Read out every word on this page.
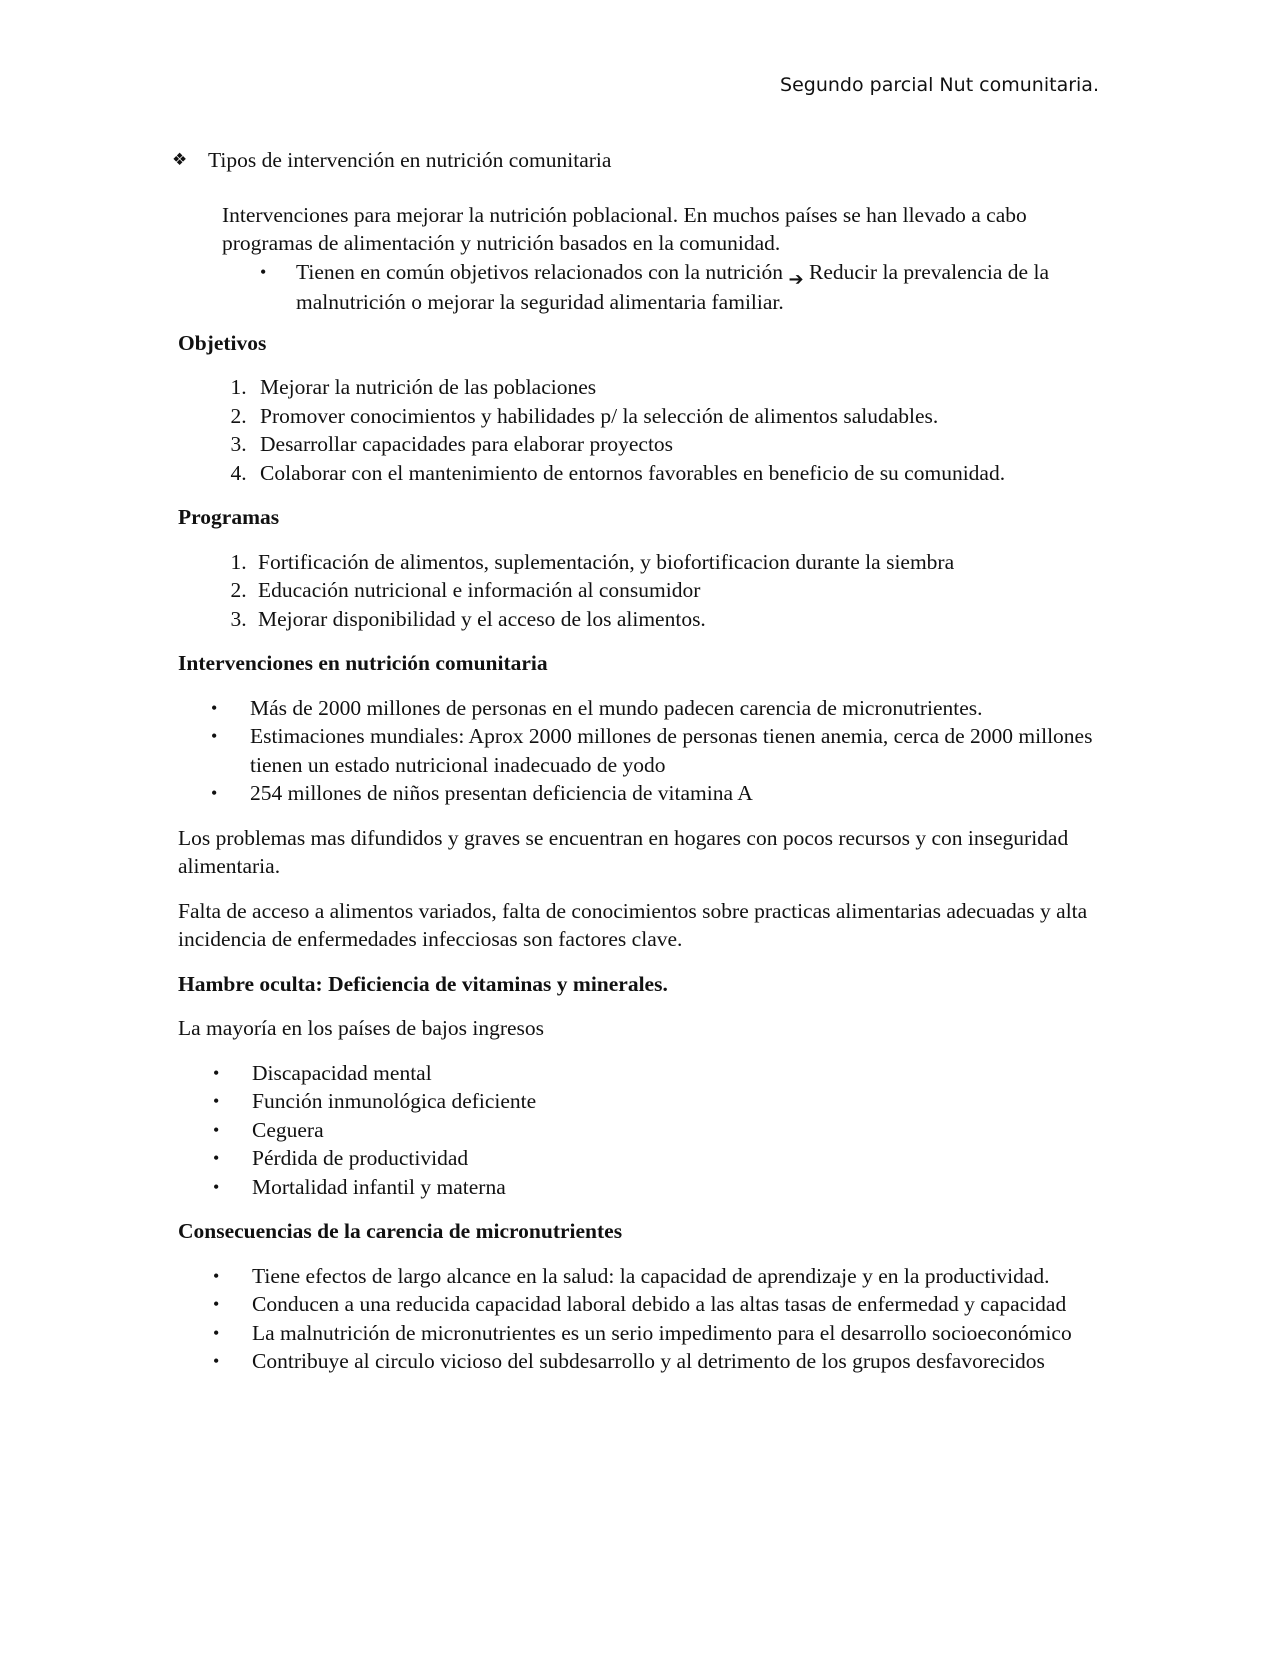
Segundo parcial Nut comunitaria.
❖ Tipos de intervención en nutrición comunitaria
Intervenciones para mejorar la nutrición poblacional. En muchos países se han llevado a cabo programas de alimentación y nutrición basados en la comunidad.
• Tienen en común objetivos relacionados con la nutrición ➔ Reducir la prevalencia de la malnutrición o mejorar la seguridad alimentaria familiar.
Objetivos
1. Mejorar la nutrición de las poblaciones
2. Promover conocimientos y habilidades p/ la selección de alimentos saludables.
3. Desarrollar capacidades para elaborar proyectos
4. Colaborar con el mantenimiento de entornos favorables en beneficio de su comunidad.
Programas
1. Fortificación de alimentos, suplementación, y biofortificacion durante la siembra
2. Educación nutricional e información al consumidor
3. Mejorar disponibilidad y el acceso de los alimentos.
Intervenciones en nutrición comunitaria
• Más de 2000 millones de personas en el mundo padecen carencia de micronutrientes.
• Estimaciones mundiales: Aprox 2000 millones de personas tienen anemia, cerca de 2000 millones tienen un estado nutricional inadecuado de yodo
• 254 millones de niños presentan deficiencia de vitamina A

Los problemas mas difundidos y graves se encuentran en hogares con pocos recursos y con inseguridad alimentaria.

Falta de acceso a alimentos variados, falta de conocimientos sobre practicas alimentarias adecuadas y alta incidencia de enfermedades infecciosas son factores clave.

Hambre oculta: Deficiencia de vitaminas y minerales.

La mayoría en los países de bajos ingresos

• Discapacidad mental
• Función inmunológica deficiente
• Ceguera
• Pérdida de productividad
• Mortalidad infantil y materna
Consecuencias de la carencia de micronutrientes
• Tiene efectos de largo alcance en la salud: la capacidad de aprendizaje y en la productividad.
• Conducen a una reducida capacidad laboral debido a las altas tasas de enfermedad y capacidad
• La malnutrición de micronutrientes es un serio impedimento para el desarrollo socioeconómico
• Contribuye al circulo vicioso del subdesarrollo y al detrimento de los grupos desfavorecidos
